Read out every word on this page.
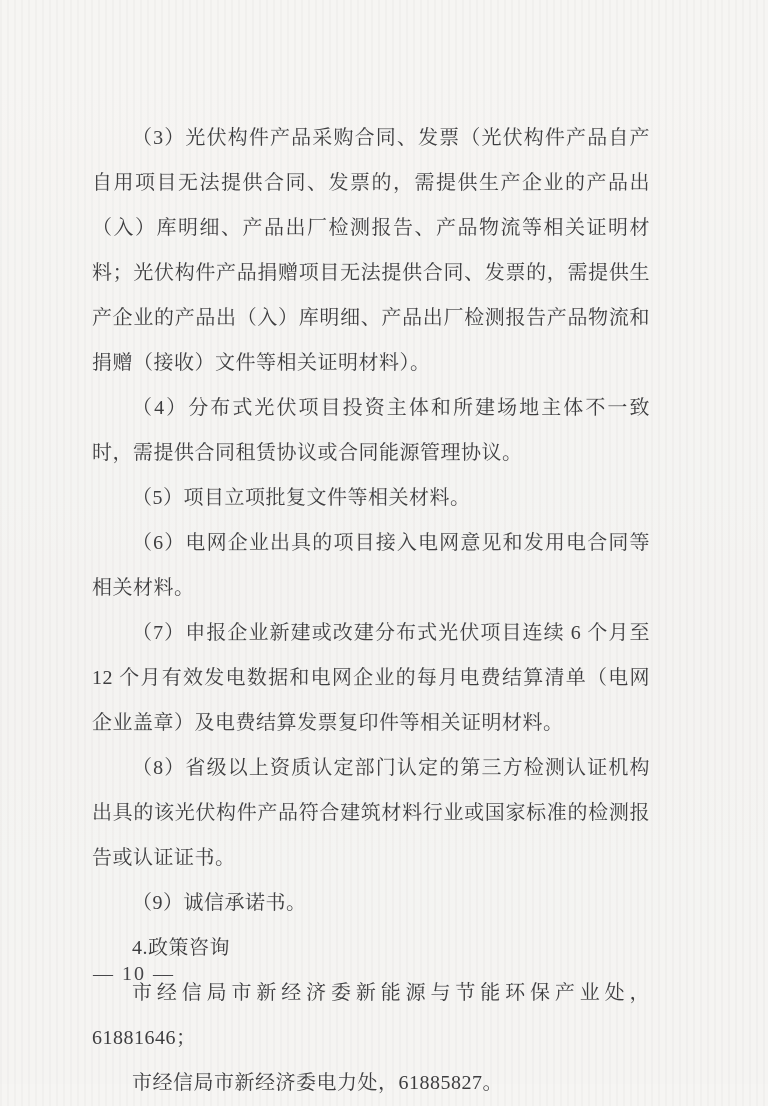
（3）光伏构件产品采购合同、发票（光伏构件产品自产自用项目无法提供合同、发票的，需提供生产企业的产品出（入）库明细、产品出厂检测报告、产品物流等相关证明材料；光伏构件产品捐赠项目无法提供合同、发票的，需提供生产企业的产品出（入）库明细、产品出厂检测报告产品物流和捐赠（接收）文件等相关证明材料）。

（4）分布式光伏项目投资主体和所建场地主体不一致时，需提供合同租赁协议或合同能源管理协议。

（5）项目立项批复文件等相关材料。

（6）电网企业出具的项目接入电网意见和发用电合同等相关材料。

（7）申报企业新建或改建分布式光伏项目连续 6 个月至 12 个月有效发电数据和电网企业的每月电费结算清单（电网企业盖章）及电费结算发票复印件等相关证明材料。

（8）省级以上资质认定部门认定的第三方检测认证机构出具的该光伏构件产品符合建筑材料行业或国家标准的检测报告或认证证书。

（9）诚信承诺书。

4.政策咨询

市经信局市新经济委新能源与节能环保产业处，61881646；

市经信局市新经济委电力处，61885827。

— 10 —
